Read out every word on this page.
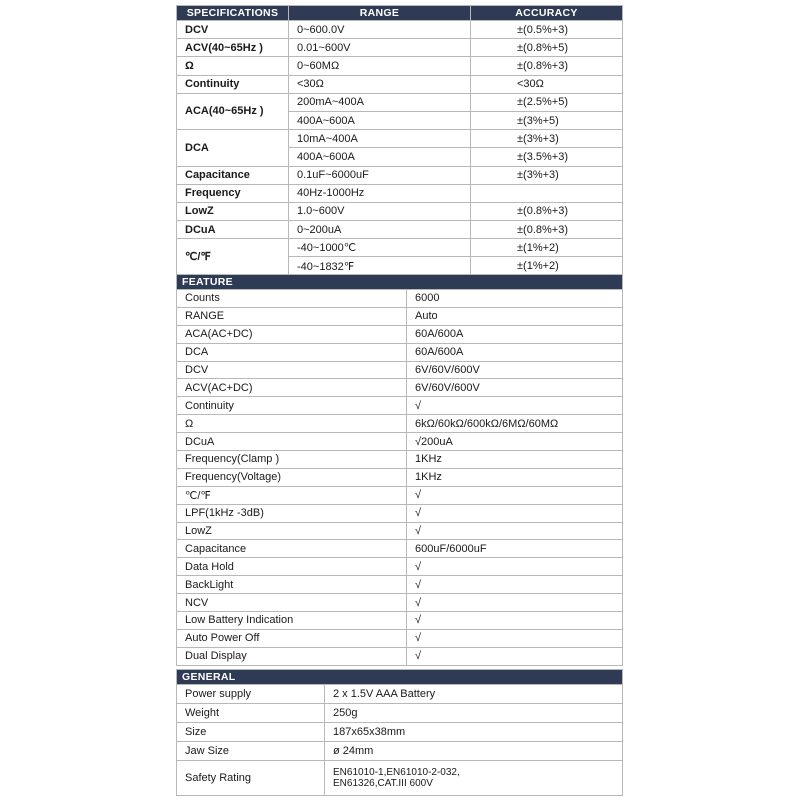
SPECIFICATIONS	RANGE	ACCURACY
DCV	0~600.0V	±(0.5%+3)
ACV(40~65Hz )	0.01~600V	±(0.8%+5)
Ω	0~60MΩ	±(0.8%+3)
Continuity	<30Ω	<30Ω
ACA(40~65Hz )	200mA~400A	±(2.5%+5)
	400A~600A	±(3%+5)
DCA	10mA~400A	±(3%+3)
	400A~600A	±(3.5%+3)
Capacitance	0.1uF~6000uF	±(3%+3)
Frequency	40Hz-1000Hz	
LowZ	1.0~600V	±(0.8%+3)
DCuA	0~200uA	±(0.8%+3)
℃/℉	-40~1000℃	±(1%+2)
	-40~1832℉	±(1%+2)
FEATURE	
Counts	6000
RANGE	Auto
ACA(AC+DC)	60A/600A
DCA	60A/600A
DCV	6V/60V/600V
ACV(AC+DC)	6V/60V/600V
Continuity	√
Ω	6kΩ/60kΩ/600kΩ/6MΩ/60MΩ
DCuA	√200uA
Frequency(Clamp )	1KHz
Frequency(Voltage)	1KHz
℃/℉	√
LPF(1kHz -3dB)	√
LowZ	√
Capacitance	600uF/6000uF
Data Hold	√
BackLight	√
NCV	√
Low Battery Indication	√
Auto Power Off	√
Dual Display	√
GENERAL	
Power supply	2 x 1.5V AAA Battery
Weight	250g
Size	187x65x38mm
Jaw Size	ø 24mm
Safety Rating	EN61010-1,EN61010-2-032,
EN61326,CAT.III 600V
